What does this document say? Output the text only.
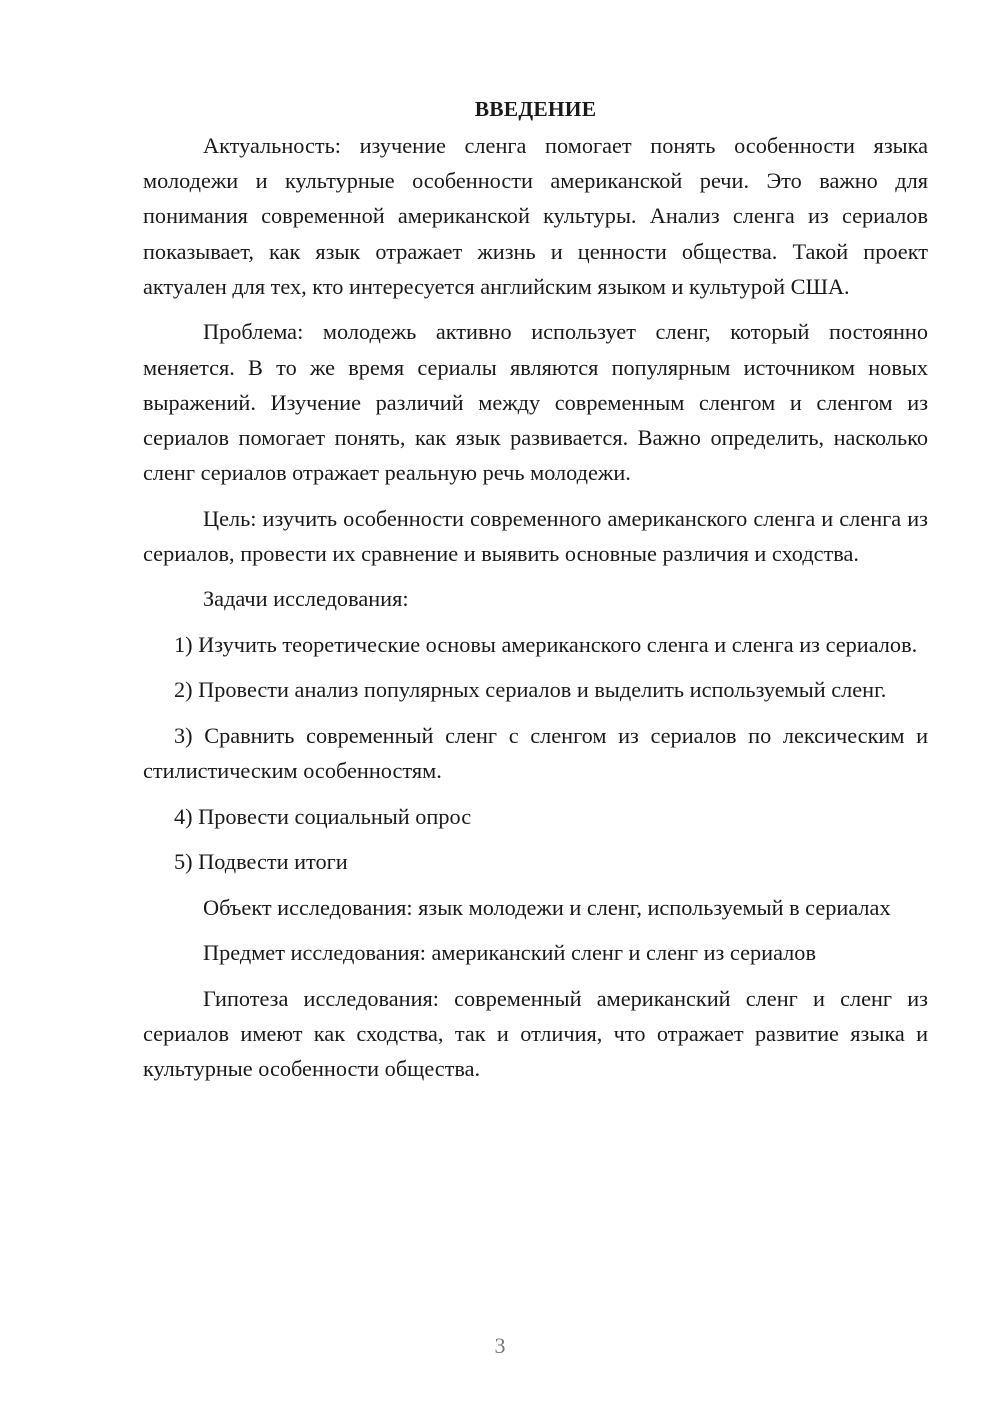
ВВЕДЕНИЕ

Актуальность: изучение сленга помогает понять особенности языка молодежи и культурные особенности американской речи. Это важно для понимания современной американской культуры. Анализ сленга из сериалов показывает, как язык отражает жизнь и ценности общества. Такой проект актуален для тех, кто интересуется английским языком и культурой США.

Проблема: молодежь активно использует сленг, который постоянно меняется. В то же время сериалы являются популярным источником новых выражений. Изучение различий между современным сленгом и сленгом из сериалов помогает понять, как язык развивается. Важно определить, насколько сленг сериалов отражает реальную речь молодежи.

Цель: изучить особенности современного американского сленга и сленга из сериалов, провести их сравнение и выявить основные различия и сходства.

Задачи исследования:

1) Изучить теоретические основы американского сленга и сленга из сериалов.

2) Провести анализ популярных сериалов и выделить используемый сленг.

3) Сравнить современный сленг с сленгом из сериалов по лексическим и стилистическим особенностям.

4) Провести социальный опрос

5) Подвести итоги

Объект исследования: язык молодежи и сленг, используемый в сериалах

Предмет исследования: американский сленг и сленг из сериалов

Гипотеза исследования: современный американский сленг и сленг из сериалов имеют как сходства, так и отличия, что отражает развитие языка и культурные особенности общества.

3
